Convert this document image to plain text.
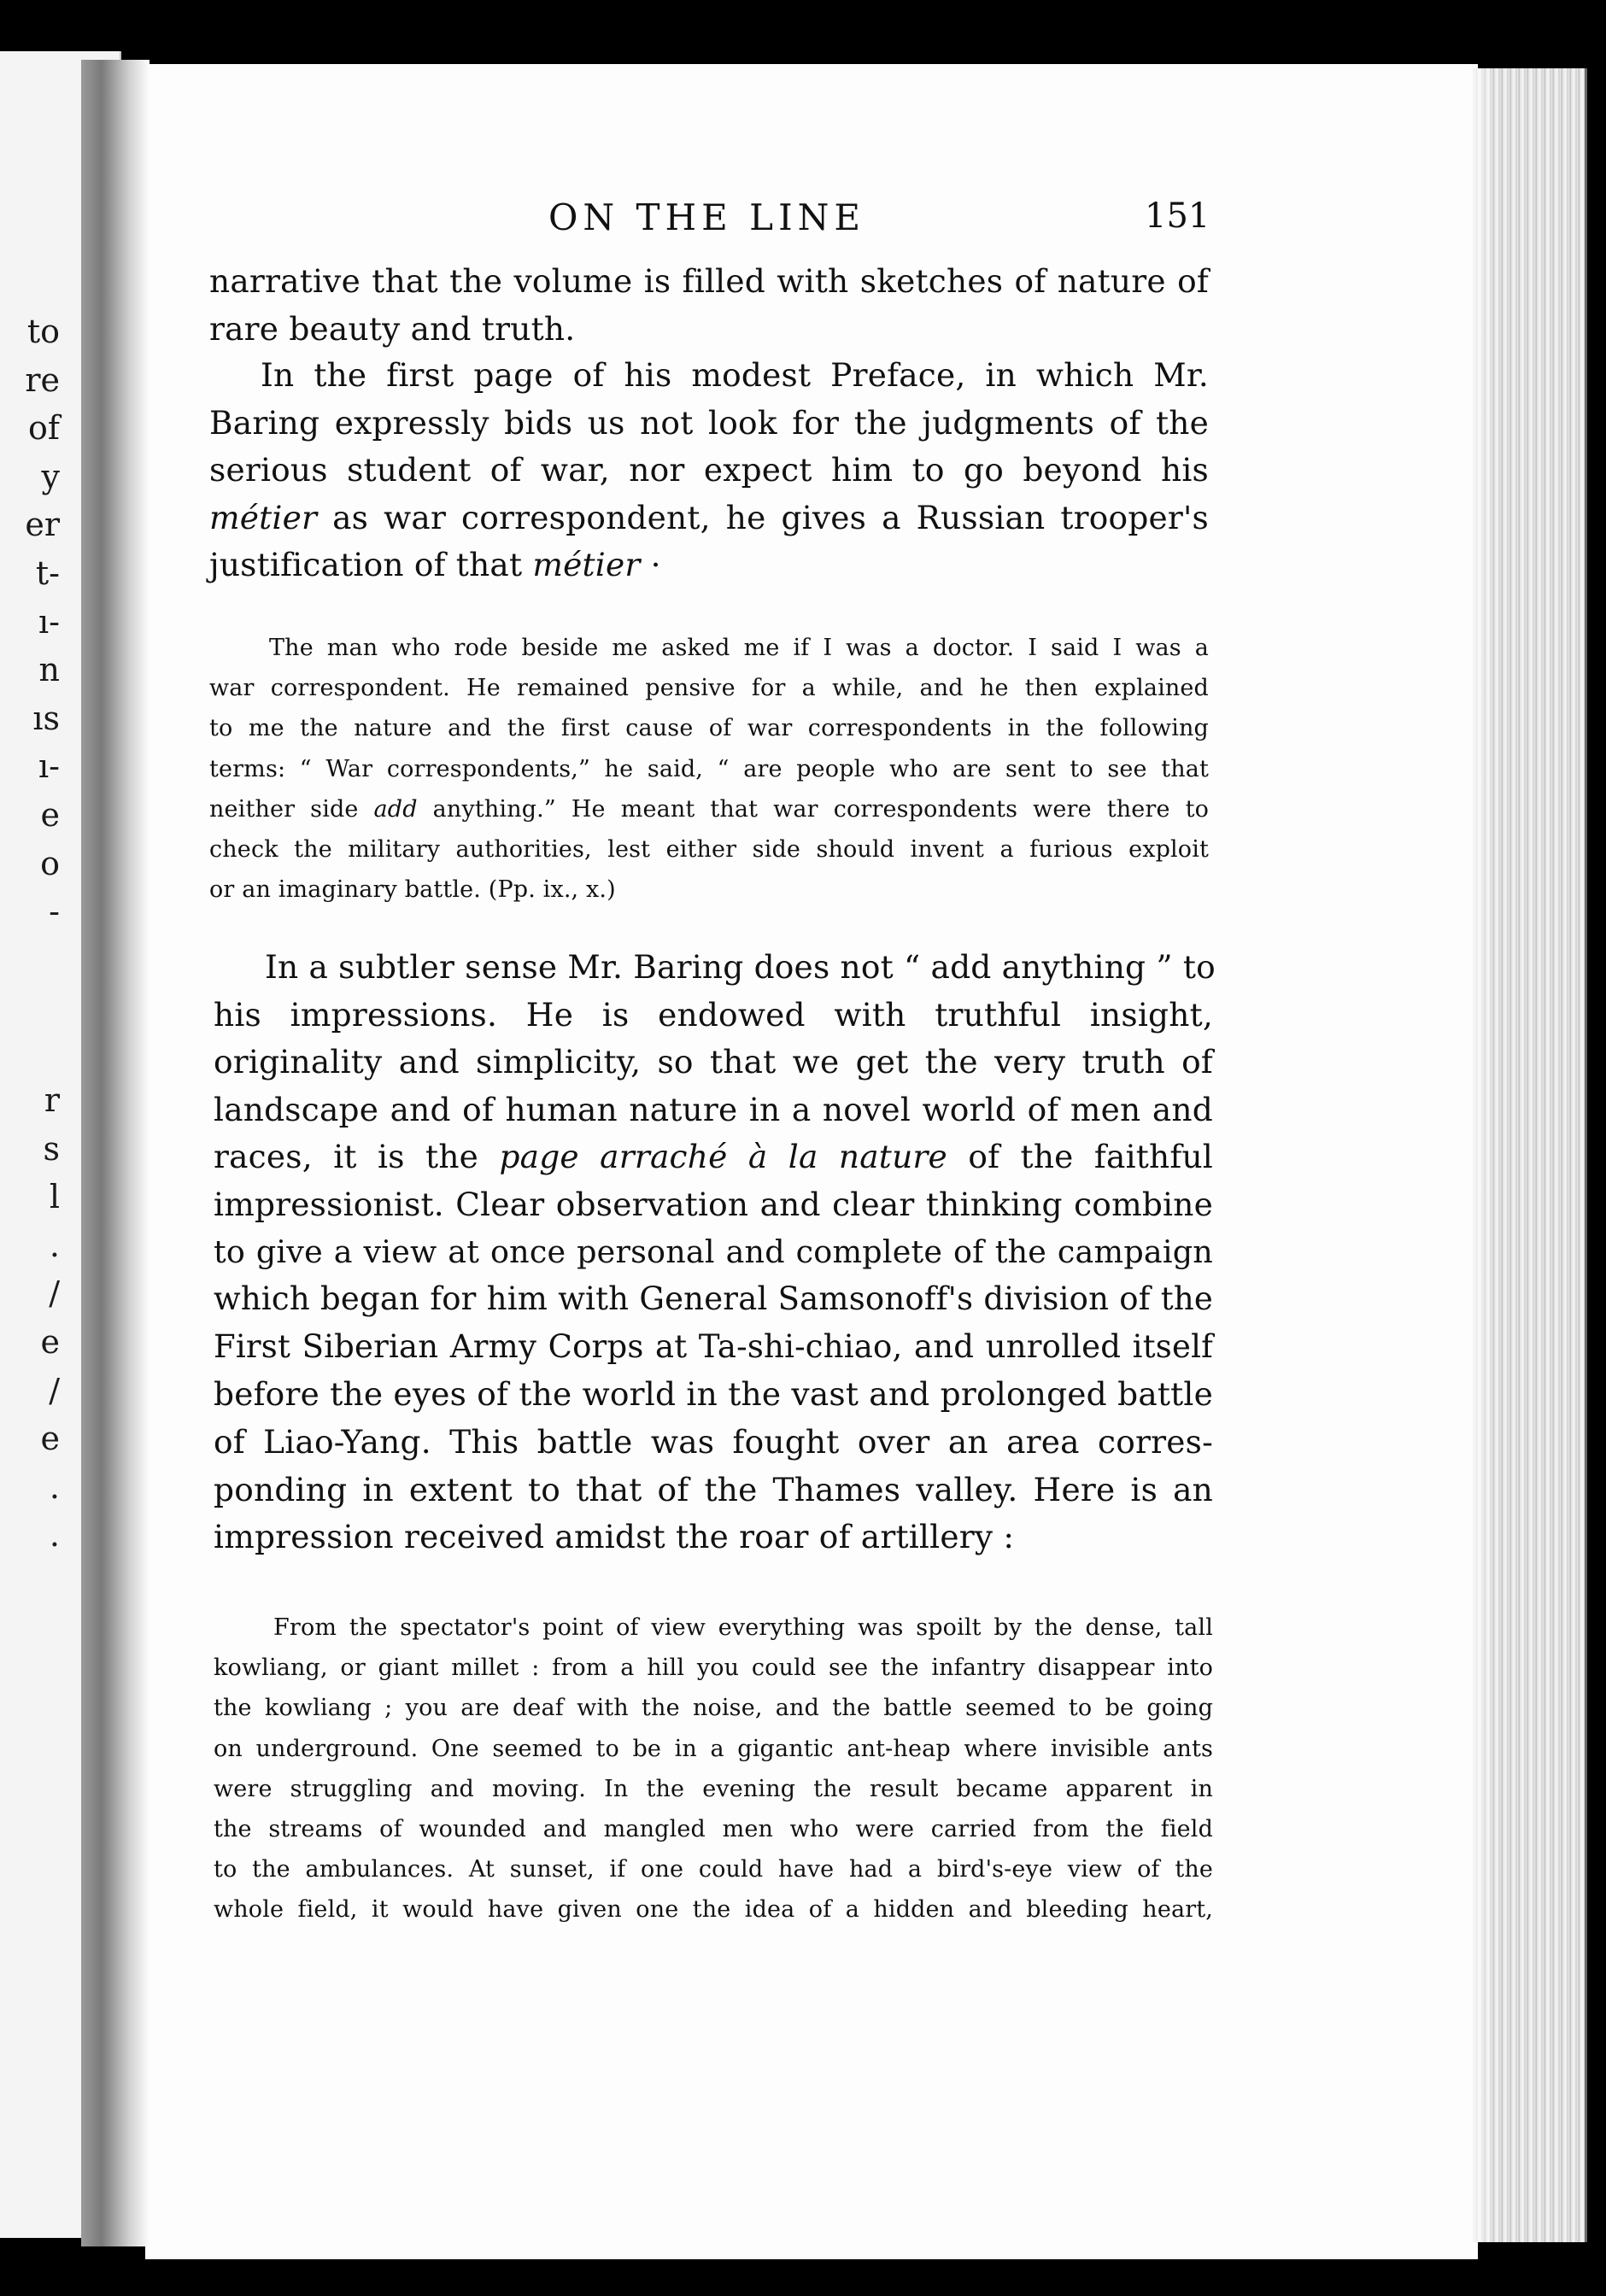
to
re
of
y
er
t-
ı-
n
ıs
ı-
e
o
-
r
s
l
.
/
e
/
e
.
.
ON THE LINE	151
narrative that the volume is filled with sketches of nature of
rare beauty and truth.
In the first page of his modest Preface, in which Mr.
Baring expressly bids us not look for the judgments of the
serious student of war, nor expect him to go beyond his
métier as war correspondent, he gives a Russian trooper's
justification of that métier ·
The man who rode beside me asked me if I was a doctor. I said I was a
war correspondent. He remained pensive for a while, and he then explained
to me the nature and the first cause of war correspondents in the following
terms: “ War correspondents,” he said, “ are people who are sent to see that
neither side add anything.” He meant that war correspondents were there to
check the military authorities, lest either side should invent a furious exploit
or an imaginary battle. (Pp. ix., x.)
In a subtler sense Mr. Baring does not “ add anything ” to
his impressions. He is endowed with truthful insight,
originality and simplicity, so that we get the very truth of
landscape and of human nature in a novel world of men and
races, it is the page arraché à la nature of the faithful
impressionist. Clear observation and clear thinking combine
to give a view at once personal and complete of the campaign
which began for him with General Samsonoff's division of the
First Siberian Army Corps at Ta-shi-chiao, and unrolled itself
before the eyes of the world in the vast and prolonged battle
of Liao-Yang. This battle was fought over an area corres-
ponding in extent to that of the Thames valley. Here is an
impression received amidst the roar of artillery :
From the spectator's point of view everything was spoilt by the dense, tall
kowliang, or giant millet : from a hill you could see the infantry disappear into
the kowliang ; you are deaf with the noise, and the battle seemed to be going
on underground. One seemed to be in a gigantic ant-heap where invisible ants
were struggling and moving. In the evening the result became apparent in
the streams of wounded and mangled men who were carried from the field
to the ambulances. At sunset, if one could have had a bird's-eye view of the
whole field, it would have given one the idea of a hidden and bleeding heart,
